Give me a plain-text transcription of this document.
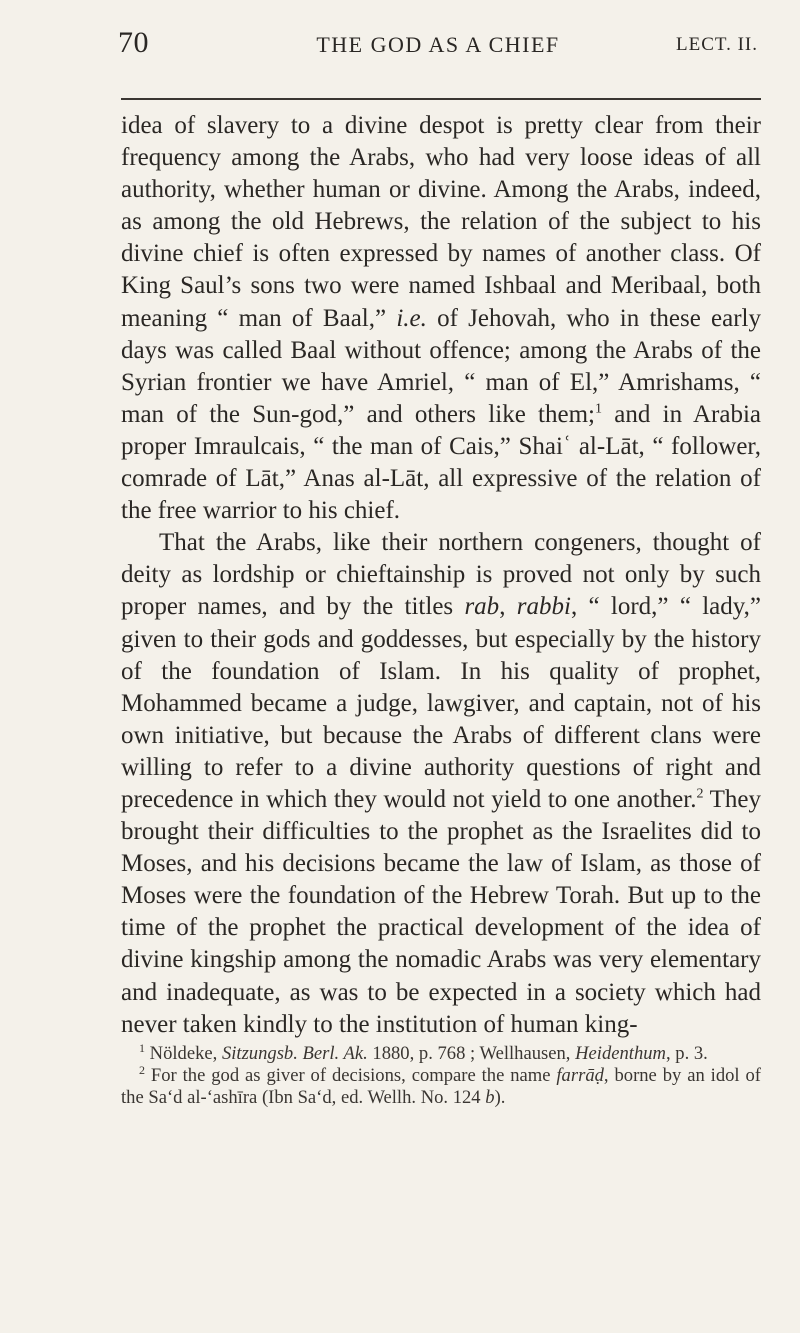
70	THE GOD AS A CHIEF	LECT. II.

idea of slavery to a divine despot is pretty clear from their frequency among the Arabs, who had very loose ideas of all authority, whether human or divine. Among the Arabs, indeed, as among the old Hebrews, the relation of the subject to his divine chief is often expressed by names of another class. Of King Saul’s sons two were named Ishbaal and Meribaal, both meaning “ man of Baal,” i.e. of Jehovah, who in these early days was called Baal without offence; among the Arabs of the Syrian frontier we have Amriel, “ man of El,” Amrishams, “ man of the Sun-god,” and others like them;$^1$ and in Arabia proper Imraulcais, “ the man of Cais,” Shaiʿ al-Lāt, “ follower, comrade of Lāt,” Anas al-Lāt, all expressive of the relation of the free warrior to his chief.

That the Arabs, like their northern congeners, thought of deity as lordship or chieftainship is proved not only by such proper names, and by the titles rab, rabbi, “ lord,” “ lady,” given to their gods and goddesses, but especially by the history of the foundation of Islam. In his quality of prophet, Mohammed became a judge, lawgiver, and captain, not of his own initiative, but because the Arabs of different clans were willing to refer to a divine authority questions of right and precedence in which they would not yield to one another.$^2$ They brought their difficulties to the prophet as the Israelites did to Moses, and his decisions became the law of Islam, as those of Moses were the foundation of the Hebrew Torah. But up to the time of the prophet the practical development of the idea of divine kingship among the nomadic Arabs was very elementary and inadequate, as was to be expected in a society which had never taken kindly to the institution of human king-

$^1$ Nöldeke, Sitzungsb. Berl. Ak. 1880, p. 768 ; Wellhausen, Heidenthum, p. 3.

$^2$ For the god as giver of decisions, compare the name farrāḍ, borne by an idol of the Sa‘d al-‘ashīra (Ibn Sa‘d, ed. Wellh. No. 124 b).
